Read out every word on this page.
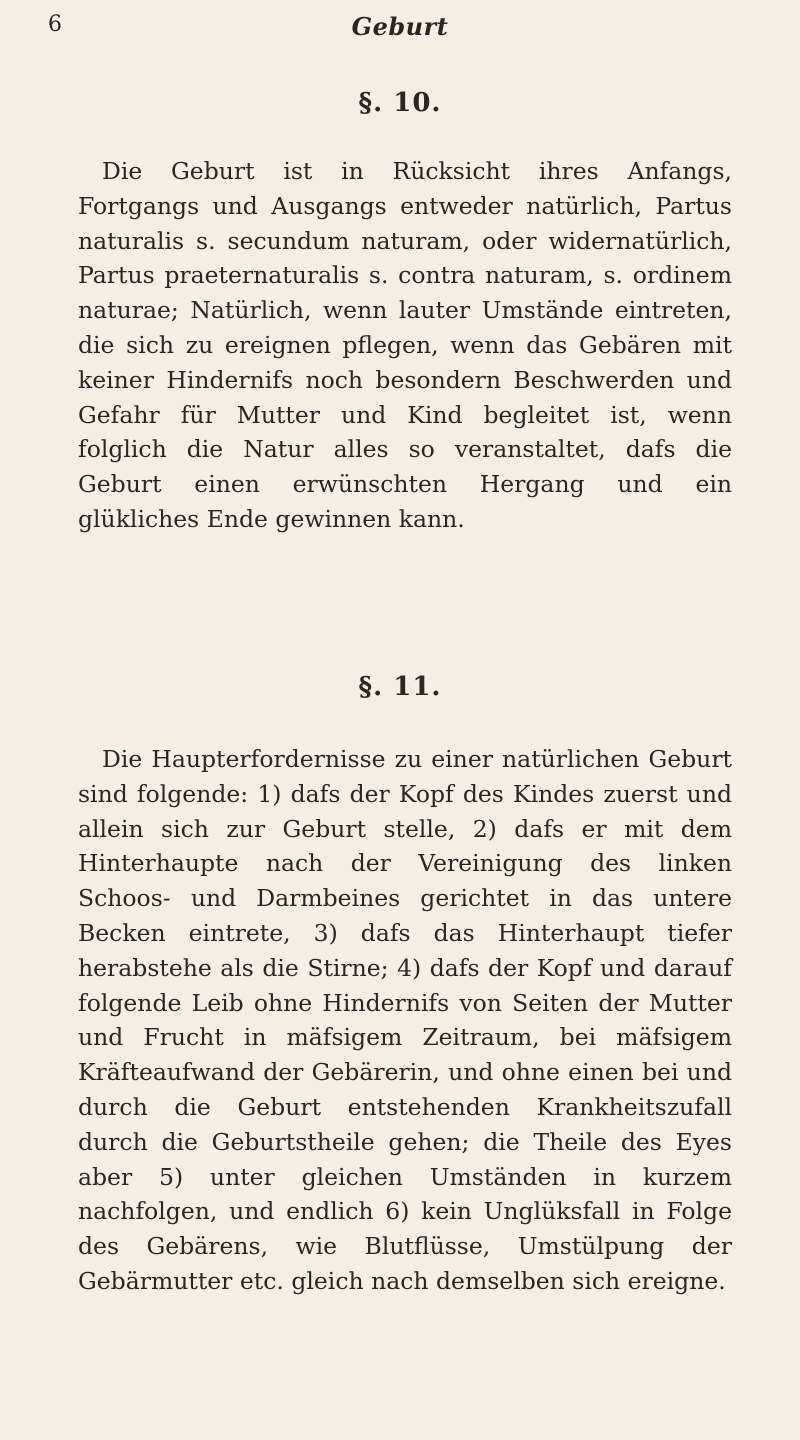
6	Geburt
§. 10.

Die Geburt ist in Rücksicht ihres Anfangs, Fortgangs und Ausgangs entweder natürlich, Partus naturalis s. secundum naturam, oder widernatürlich, Partus praeternaturalis s. contra naturam, s. ordinem naturae; Natürlich, wenn lauter Umstände eintreten, die sich zu ereignen pflegen, wenn das Gebären mit keiner Hindernifs noch besondern Beschwerden und Gefahr für Mutter und Kind begleitet ist, wenn folglich die Natur alles so veranstaltet, dafs die Geburt einen erwünschten Hergang und ein glükliches Ende gewinnen kann.

§. 11.

Die Haupterfordernisse zu einer natürlichen Geburt sind folgende: 1) dafs der Kopf des Kindes zuerst und allein sich zur Geburt stelle, 2) dafs er mit dem Hinterhaupte nach der Vereinigung des linken Schoos- und Darmbeines gerichtet in das untere Becken eintrete, 3) dafs das Hinterhaupt tiefer herabstehe als die Stirne; 4) dafs der Kopf und darauf folgende Leib ohne Hindernifs von Seiten der Mutter und Frucht in mäfsigem Zeitraum, bei mäfsigem Kräfteaufwand der Gebärerin, und ohne einen bei und durch die Geburt entstehenden Krankheitszufall durch die Geburtstheile gehen; die Theile des Eyes aber 5) unter gleichen Umständen in kurzem nachfolgen, und endlich 6) kein Unglüksfall in Folge des Gebärens, wie Blutflüsse, Umstülpung der Gebärmutter etc. gleich nach demselben sich ereigne.
